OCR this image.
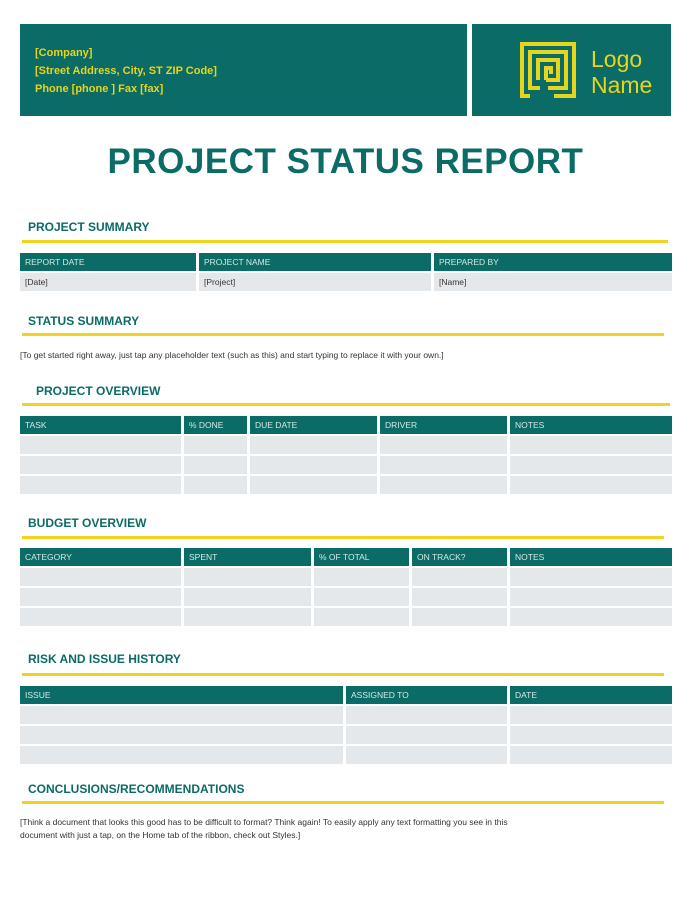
[Company]
[Street Address, City, ST ZIP Code]
Phone [phone ] Fax [fax]
Logo
Name
PROJECT STATUS REPORT
PROJECT SUMMARY
REPORT DATE	PROJECT NAME	PREPARED BY
[Date]	[Project]	[Name]
STATUS SUMMARY
[To get started right away, just tap any placeholder text (such as this) and start typing to replace it with your own.]
PROJECT OVERVIEW
TASK	% DONE	DUE DATE	DRIVER	NOTES
BUDGET OVERVIEW
CATEGORY	SPENT	% OF TOTAL	ON TRACK?	NOTES
RISK AND ISSUE HISTORY
ISSUE	ASSIGNED TO	DATE
CONCLUSIONS/RECOMMENDATIONS
[Think a document that looks this good has to be difficult to format? Think again! To easily apply any text formatting you see in this
document with just a tap, on the Home tab of the ribbon, check out Styles.]
